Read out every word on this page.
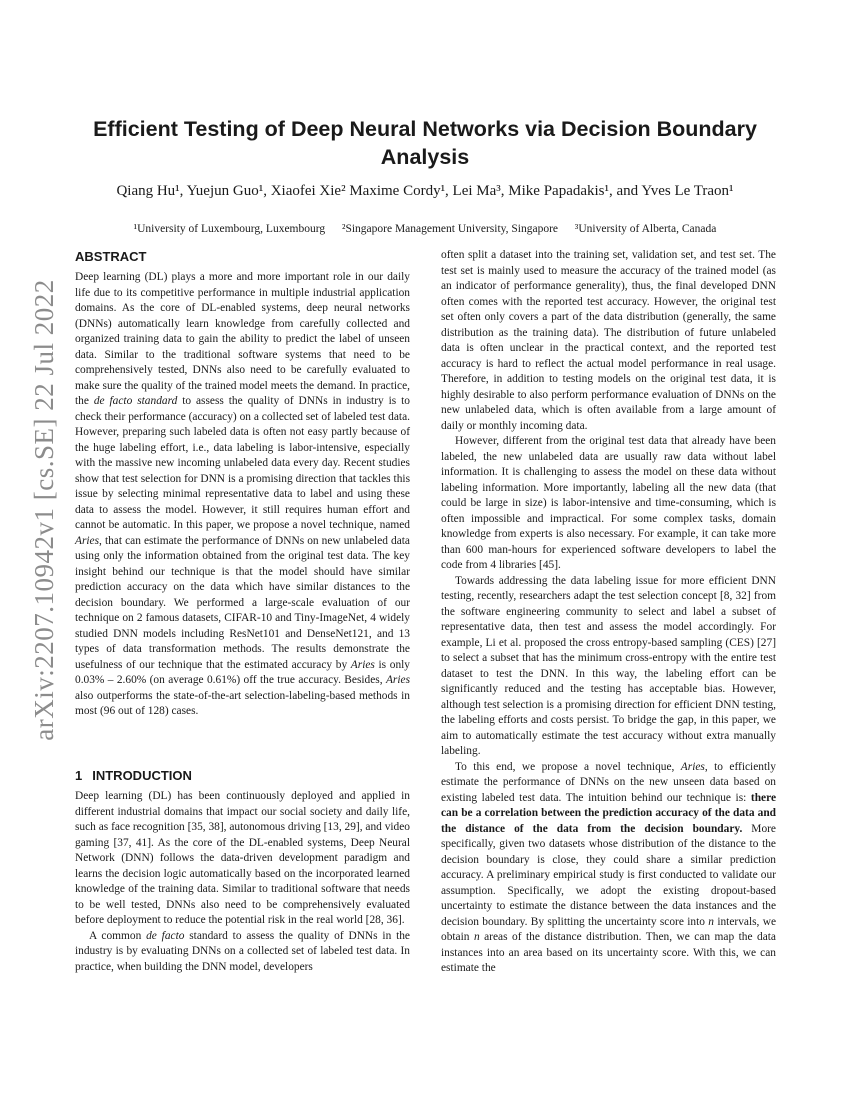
arXiv:2207.10942v1 [cs.SE] 22 Jul 2022
Efficient Testing of Deep Neural Networks via Decision Boundary Analysis
Qiang Hu¹, Yuejun Guo¹, Xiaofei Xie² Maxime Cordy¹, Lei Ma³, Mike Papadakis¹, and Yves Le Traon¹
¹University of Luxembourg, Luxembourg ²Singapore Management University, Singapore ³University of Alberta, Canada
ABSTRACT

Deep learning (DL) plays a more and more important role in our daily life due to its competitive performance in multiple industrial application domains. As the core of DL-enabled systems, deep neural networks (DNNs) automatically learn knowledge from carefully collected and organized training data to gain the ability to predict the label of unseen data. Similar to the traditional software systems that need to be comprehensively tested, DNNs also need to be carefully evaluated to make sure the quality of the trained model meets the demand. In practice, the de facto standard to assess the quality of DNNs in industry is to check their performance (accuracy) on a collected set of labeled test data. However, preparing such labeled data is often not easy partly because of the huge labeling effort, i.e., data labeling is labor-intensive, especially with the massive new incoming unlabeled data every day. Recent studies show that test selection for DNN is a promising direction that tackles this issue by selecting minimal representative data to label and using these data to assess the model. However, it still requires human effort and cannot be automatic. In this paper, we propose a novel technique, named Aries, that can estimate the performance of DNNs on new unlabeled data using only the information obtained from the original test data. The key insight behind our technique is that the model should have similar prediction accuracy on the data which have similar distances to the decision boundary. We performed a large-scale evaluation of our technique on 2 famous datasets, CIFAR-10 and Tiny-ImageNet, 4 widely studied DNN models including ResNet101 and DenseNet121, and 13 types of data transformation methods. The results demonstrate the usefulness of our technique that the estimated accuracy by Aries is only 0.03% – 2.60% (on average 0.61%) off the true accuracy. Besides, Aries also outperforms the state-of-the-art selection-labeling-based methods in most (96 out of 128) cases.

1 INTRODUCTION

Deep learning (DL) has been continuously deployed and applied in different industrial domains that impact our social society and daily life, such as face recognition [35, 38], autonomous driving [13, 29], and video gaming [37, 41]. As the core of the DL-enabled systems, Deep Neural Network (DNN) follows the data-driven development paradigm and learns the decision logic automatically based on the incorporated learned knowledge of the training data. Similar to traditional software that needs to be well tested, DNNs also need to be comprehensively evaluated before deployment to reduce the potential risk in the real world [28, 36].

A common de facto standard to assess the quality of DNNs in the industry is by evaluating DNNs on a collected set of labeled test data. In practice, when building the DNN model, developers

often split a dataset into the training set, validation set, and test set. The test set is mainly used to measure the accuracy of the trained model (as an indicator of performance generality), thus, the final developed DNN often comes with the reported test accuracy. However, the original test set often only covers a part of the data distribution (generally, the same distribution as the training data). The distribution of future unlabeled data is often unclear in the practical context, and the reported test accuracy is hard to reflect the actual model performance in real usage. Therefore, in addition to testing models on the original test data, it is highly desirable to also perform performance evaluation of DNNs on the new unlabeled data, which is often available from a large amount of daily or monthly incoming data.

However, different from the original test data that already have been labeled, the new unlabeled data are usually raw data without label information. It is challenging to assess the model on these data without labeling information. More importantly, labeling all the new data (that could be large in size) is labor-intensive and time-consuming, which is often impossible and impractical. For some complex tasks, domain knowledge from experts is also necessary. For example, it can take more than 600 man-hours for experienced software developers to label the code from 4 libraries [45].

Towards addressing the data labeling issue for more efficient DNN testing, recently, researchers adapt the test selection concept [8, 32] from the software engineering community to select and label a subset of representative data, then test and assess the model accordingly. For example, Li et al. proposed the cross entropy-based sampling (CES) [27] to select a subset that has the minimum cross-entropy with the entire test dataset to test the DNN. In this way, the labeling effort can be significantly reduced and the testing has acceptable bias. However, although test selection is a promising direction for efficient DNN testing, the labeling efforts and costs persist. To bridge the gap, in this paper, we aim to automatically estimate the test accuracy without extra manually labeling.

To this end, we propose a novel technique, Aries, to efficiently estimate the performance of DNNs on the new unseen data based on existing labeled test data. The intuition behind our technique is: there can be a correlation between the prediction accuracy of the data and the distance of the data from the decision boundary. More specifically, given two datasets whose distribution of the distance to the decision boundary is close, they could share a similar prediction accuracy. A preliminary empirical study is first conducted to validate our assumption. Specifically, we adopt the existing dropout-based uncertainty to estimate the distance between the data instances and the decision boundary. By splitting the uncertainty score into n intervals, we obtain n areas of the distance distribution. Then, we can map the data instances into an area based on its uncertainty score. With this, we can estimate the
